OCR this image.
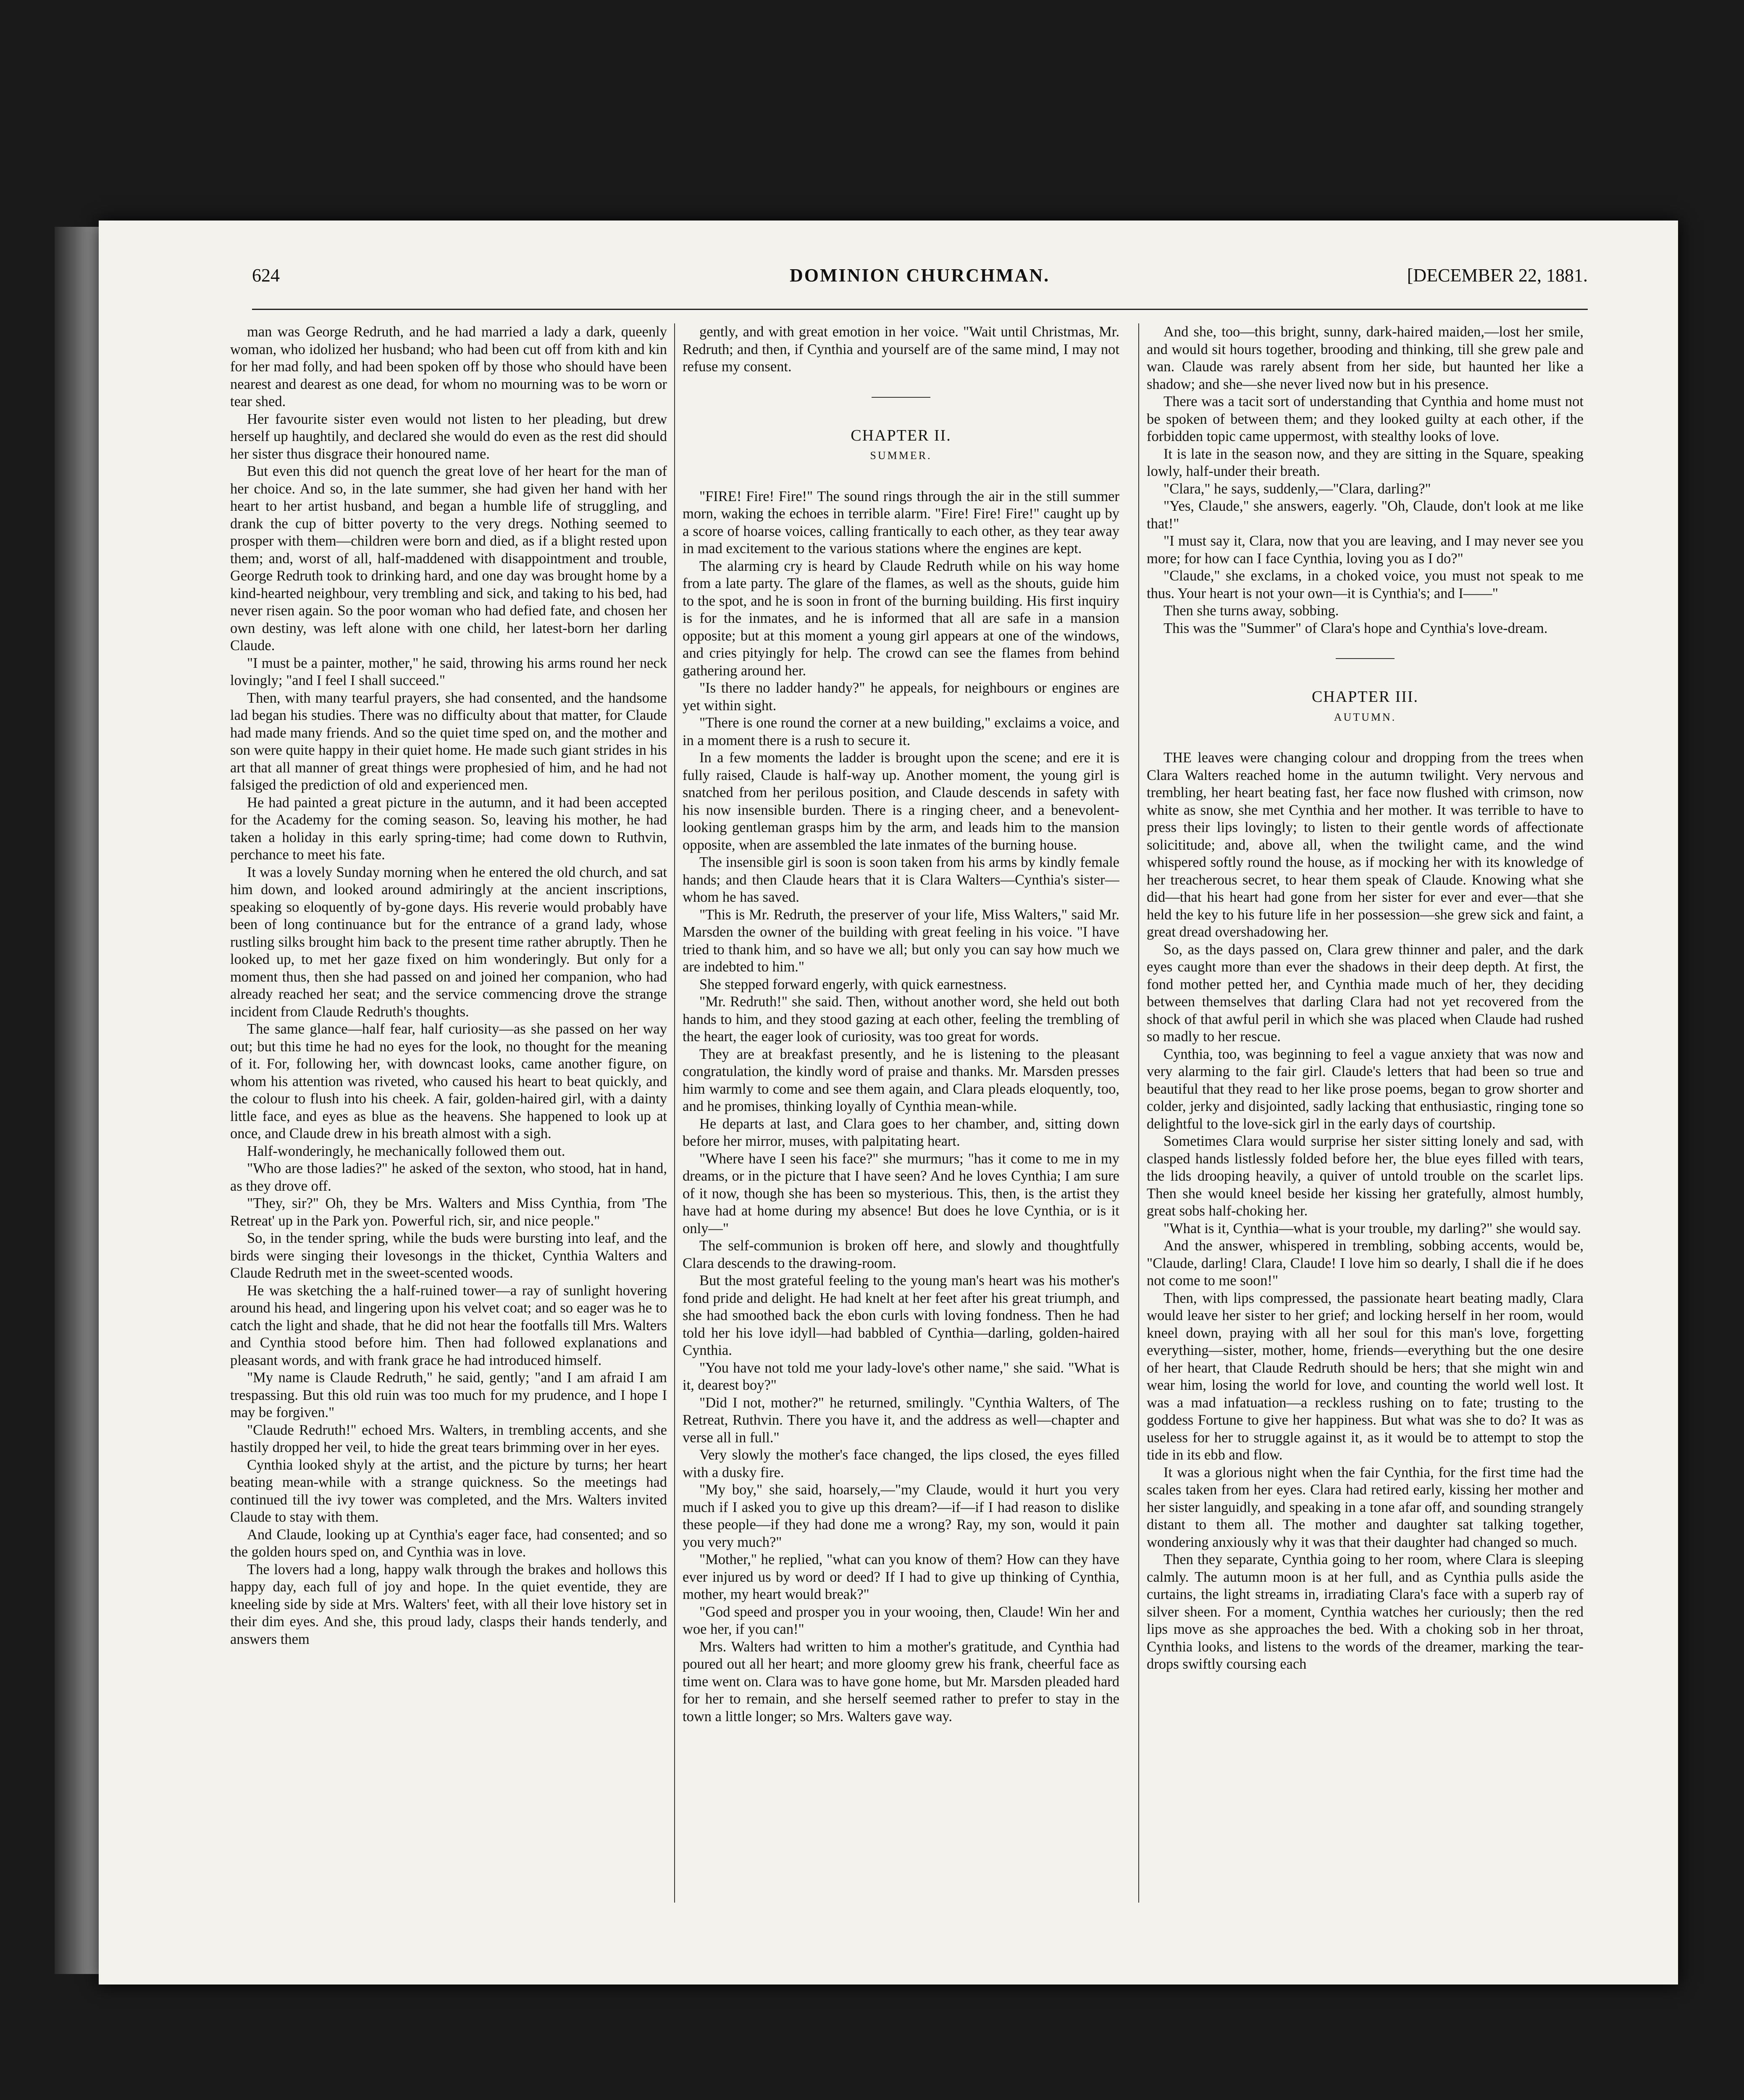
624	DOMINION CHURCHMAN.	[DECEMBER 22, 1881.

man was George Redruth, and he had married a lady a dark, queenly woman, who idolized her husband; who had been cut off from kith and kin for her mad folly, and had been spoken off by those who should have been nearest and dearest as one dead, for whom no mourning was to be worn or tear shed.

Her favourite sister even would not listen to her pleading, but drew herself up haughtily, and declared she would do even as the rest did should her sister thus disgrace their honoured name.

But even this did not quench the great love of her heart for the man of her choice. And so, in the late summer, she had given her hand with her heart to her artist husband, and began a humble life of struggling, and drank the cup of bitter poverty to the very dregs. Nothing seemed to prosper with them—children were born and died, as if a blight rested upon them; and, worst of all, half-maddened with disappointment and trouble, George Redruth took to drinking hard, and one day was brought home by a kind-hearted neighbour, very trembling and sick, and taking to his bed, had never risen again. So the poor woman who had defied fate, and chosen her own destiny, was left alone with one child, her latest-born her darling Claude.

"I must be a painter, mother," he said, throwing his arms round her neck lovingly; "and I feel I shall succeed."

Then, with many tearful prayers, she had consented, and the handsome lad began his studies. There was no difficulty about that matter, for Claude had made many friends. And so the quiet time sped on, and the mother and son were quite happy in their quiet home. He made such giant strides in his art that all manner of great things were prophesied of him, and he had not falsiged the prediction of old and experienced men.

He had painted a great picture in the autumn, and it had been accepted for the Academy for the coming season. So, leaving his mother, he had taken a holiday in this early spring-time; had come down to Ruthvin, perchance to meet his fate.

It was a lovely Sunday morning when he entered the old church, and sat him down, and looked around admiringly at the ancient inscriptions, speaking so eloquently of by-gone days. His reverie would probably have been of long continuance but for the entrance of a grand lady, whose rustling silks brought him back to the present time rather abruptly. Then he looked up, to met her gaze fixed on him wonderingly. But only for a moment thus, then she had passed on and joined her companion, who had already reached her seat; and the service commencing drove the strange incident from Claude Redruth's thoughts.

The same glance—half fear, half curiosity—as she passed on her way out; but this time he had no eyes for the look, no thought for the meaning of it. For, following her, with downcast looks, came another figure, on whom his attention was riveted, who caused his heart to beat quickly, and the colour to flush into his cheek. A fair, golden-haired girl, with a dainty little face, and eyes as blue as the heavens. She happened to look up at once, and Claude drew in his breath almost with a sigh.

Half-wonderingly, he mechanically followed them out.

"Who are those ladies?" he asked of the sexton, who stood, hat in hand, as they drove off.

"They, sir?" Oh, they be Mrs. Walters and Miss Cynthia, from 'The Retreat' up in the Park yon. Powerful rich, sir, and nice people."

So, in the tender spring, while the buds were bursting into leaf, and the birds were singing their lovesongs in the thicket, Cynthia Walters and Claude Redruth met in the sweet-scented woods.

He was sketching the a half-ruined tower—a ray of sunlight hovering around his head, and lingering upon his velvet coat; and so eager was he to catch the light and shade, that he did not hear the footfalls till Mrs. Walters and Cynthia stood before him. Then had followed explanations and pleasant words, and with frank grace he had introduced himself.

"My name is Claude Redruth," he said, gently; "and I am afraid I am trespassing. But this old ruin was too much for my prudence, and I hope I may be forgiven."

"Claude Redruth!" echoed Mrs. Walters, in trembling accents, and she hastily dropped her veil, to hide the great tears brimming over in her eyes.

Cynthia looked shyly at the artist, and the picture by turns; her heart beating mean-while with a strange quickness. So the meetings had continued till the ivy tower was completed, and the Mrs. Walters invited Claude to stay with them.

And Claude, looking up at Cynthia's eager face, had consented; and so the golden hours sped on, and Cynthia was in love.

The lovers had a long, happy walk through the brakes and hollows this happy day, each full of joy and hope. In the quiet eventide, they are kneeling side by side at Mrs. Walters' feet, with all their love history set in their dim eyes. And she, this proud lady, clasps their hands tenderly, and answers them

gently, and with great emotion in her voice. "Wait until Christmas, Mr. Redruth; and then, if Cynthia and yourself are of the same mind, I may not refuse my consent.

CHAPTER II.
SUMMER.

"FIRE! Fire! Fire!" The sound rings through the air in the still summer morn, waking the echoes in terrible alarm. "Fire! Fire! Fire!" caught up by a score of hoarse voices, calling frantically to each other, as they tear away in mad excitement to the various stations where the engines are kept.

The alarming cry is heard by Claude Redruth while on his way home from a late party. The glare of the flames, as well as the shouts, guide him to the spot, and he is soon in front of the burning building. His first inquiry is for the inmates, and he is informed that all are safe in a mansion opposite; but at this moment a young girl appears at one of the windows, and cries pityingly for help. The crowd can see the flames from behind gathering around her.

"Is there no ladder handy?" he appeals, for neighbours or engines are yet within sight.

"There is one round the corner at a new building," exclaims a voice, and in a moment there is a rush to secure it.

In a few moments the ladder is brought upon the scene; and ere it is fully raised, Claude is half-way up. Another moment, the young girl is snatched from her perilous position, and Claude descends in safety with his now insensible burden. There is a ringing cheer, and a benevolent-looking gentleman grasps him by the arm, and leads him to the mansion opposite, when are assembled the late inmates of the burning house.

The insensible girl is soon is soon taken from his arms by kindly female hands; and then Claude hears that it is Clara Walters—Cynthia's sister—whom he has saved.

"This is Mr. Redruth, the preserver of your life, Miss Walters," said Mr. Marsden the owner of the building with great feeling in his voice. "I have tried to thank him, and so have we all; but only you can say how much we are indebted to him."

She stepped forward engerly, with quick earnestness.

"Mr. Redruth!" she said. Then, without another word, she held out both hands to him, and they stood gazing at each other, feeling the trembling of the heart, the eager look of curiosity, was too great for words.

They are at breakfast presently, and he is listening to the pleasant congratulation, the kindly word of praise and thanks. Mr. Marsden presses him warmly to come and see them again, and Clara pleads eloquently, too, and he promises, thinking loyally of Cynthia mean-while.

He departs at last, and Clara goes to her chamber, and, sitting down before her mirror, muses, with palpitating heart.

"Where have I seen his face?" she murmurs; "has it come to me in my dreams, or in the picture that I have seen? And he loves Cynthia; I am sure of it now, though she has been so mysterious. This, then, is the artist they have had at home during my absence! But does he love Cynthia, or is it only—"

The self-communion is broken off here, and slowly and thoughtfully Clara descends to the drawing-room.

But the most grateful feeling to the young man's heart was his mother's fond pride and delight. He had knelt at her feet after his great triumph, and she had smoothed back the ebon curls with loving fondness. Then he had told her his love idyll—had babbled of Cynthia—darling, golden-haired Cynthia.

"You have not told me your lady-love's other name," she said. "What is it, dearest boy?"

"Did I not, mother?" he returned, smilingly. "Cynthia Walters, of The Retreat, Ruthvin. There you have it, and the address as well—chapter and verse all in full."

Very slowly the mother's face changed, the lips closed, the eyes filled with a dusky fire.

"My boy," she said, hoarsely,—"my Claude, would it hurt you very much if I asked you to give up this dream?—if—if I had reason to dislike these people—if they had done me a wrong? Ray, my son, would it pain you very much?"

"Mother," he replied, "what can you know of them? How can they have ever injured us by word or deed? If I had to give up thinking of Cynthia, mother, my heart would break?"

"God speed and prosper you in your wooing, then, Claude! Win her and woe her, if you can!"

Mrs. Walters had written to him a mother's gratitude, and Cynthia had poured out all her heart; and more gloomy grew his frank, cheerful face as time went on. Clara was to have gone home, but Mr. Marsden pleaded hard for her to remain, and she herself seemed rather to prefer to stay in the town a little longer; so Mrs. Walters gave way.

And she, too—this bright, sunny, dark-haired maiden,—lost her smile, and would sit hours together, brooding and thinking, till she grew pale and wan. Claude was rarely absent from her side, but haunted her like a shadow; and she—she never lived now but in his presence.

There was a tacit sort of understanding that Cynthia and home must not be spoken of between them; and they looked guilty at each other, if the forbidden topic came uppermost, with stealthy looks of love.

It is late in the season now, and they are sitting in the Square, speaking lowly, half-under their breath.

"Clara," he says, suddenly,—"Clara, darling?"

"Yes, Claude," she answers, eagerly. "Oh, Claude, don't look at me like that!"

"I must say it, Clara, now that you are leaving, and I may never see you more; for how can I face Cynthia, loving you as I do?"

"Claude," she exclams, in a choked voice, you must not speak to me thus. Your heart is not your own—it is Cynthia's; and I——"

Then she turns away, sobbing.

This was the "Summer" of Clara's hope and Cynthia's love-dream.

CHAPTER III.
AUTUMN.

THE leaves were changing colour and dropping from the trees when Clara Walters reached home in the autumn twilight. Very nervous and trembling, her heart beating fast, her face now flushed with crimson, now white as snow, she met Cynthia and her mother. It was terrible to have to press their lips lovingly; to listen to their gentle words of affectionate solicititude; and, above all, when the twilight came, and the wind whispered softly round the house, as if mocking her with its knowledge of her treacherous secret, to hear them speak of Claude. Knowing what she did—that his heart had gone from her sister for ever and ever—that she held the key to his future life in her possession—she grew sick and faint, a great dread overshadowing her.

So, as the days passed on, Clara grew thinner and paler, and the dark eyes caught more than ever the shadows in their deep depth. At first, the fond mother petted her, and Cynthia made much of her, they deciding between themselves that darling Clara had not yet recovered from the shock of that awful peril in which she was placed when Claude had rushed so madly to her rescue.

Cynthia, too, was beginning to feel a vague anxiety that was now and very alarming to the fair girl. Claude's letters that had been so true and beautiful that they read to her like prose poems, began to grow shorter and colder, jerky and disjointed, sadly lacking that enthusiastic, ringing tone so delightful to the love-sick girl in the early days of courtship.

Sometimes Clara would surprise her sister sitting lonely and sad, with clasped hands listlessly folded before her, the blue eyes filled with tears, the lids drooping heavily, a quiver of untold trouble on the scarlet lips. Then she would kneel beside her kissing her gratefully, almost humbly, great sobs half-choking her.

"What is it, Cynthia—what is your trouble, my darling?" she would say.

And the answer, whispered in trembling, sobbing accents, would be, "Claude, darling! Clara, Claude! I love him so dearly, I shall die if he does not come to me soon!"

Then, with lips compressed, the passionate heart beating madly, Clara would leave her sister to her grief; and locking herself in her room, would kneel down, praying with all her soul for this man's love, forgetting everything—sister, mother, home, friends—everything but the one desire of her heart, that Claude Redruth should be hers; that she might win and wear him, losing the world for love, and counting the world well lost. It was a mad infatuation—a reckless rushing on to fate; trusting to the goddess Fortune to give her happiness. But what was she to do? It was as useless for her to struggle against it, as it would be to attempt to stop the tide in its ebb and flow.

It was a glorious night when the fair Cynthia, for the first time had the scales taken from her eyes. Clara had retired early, kissing her mother and her sister languidly, and speaking in a tone afar off, and sounding strangely distant to them all. The mother and daughter sat talking together, wondering anxiously why it was that their daughter had changed so much.

Then they separate, Cynthia going to her room, where Clara is sleeping calmly. The autumn moon is at her full, and as Cynthia pulls aside the curtains, the light streams in, irradiating Clara's face with a superb ray of silver sheen. For a moment, Cynthia watches her curiously; then the red lips move as she approaches the bed. With a choking sob in her throat, Cynthia looks, and listens to the words of the dreamer, marking the tear-drops swiftly coursing each
